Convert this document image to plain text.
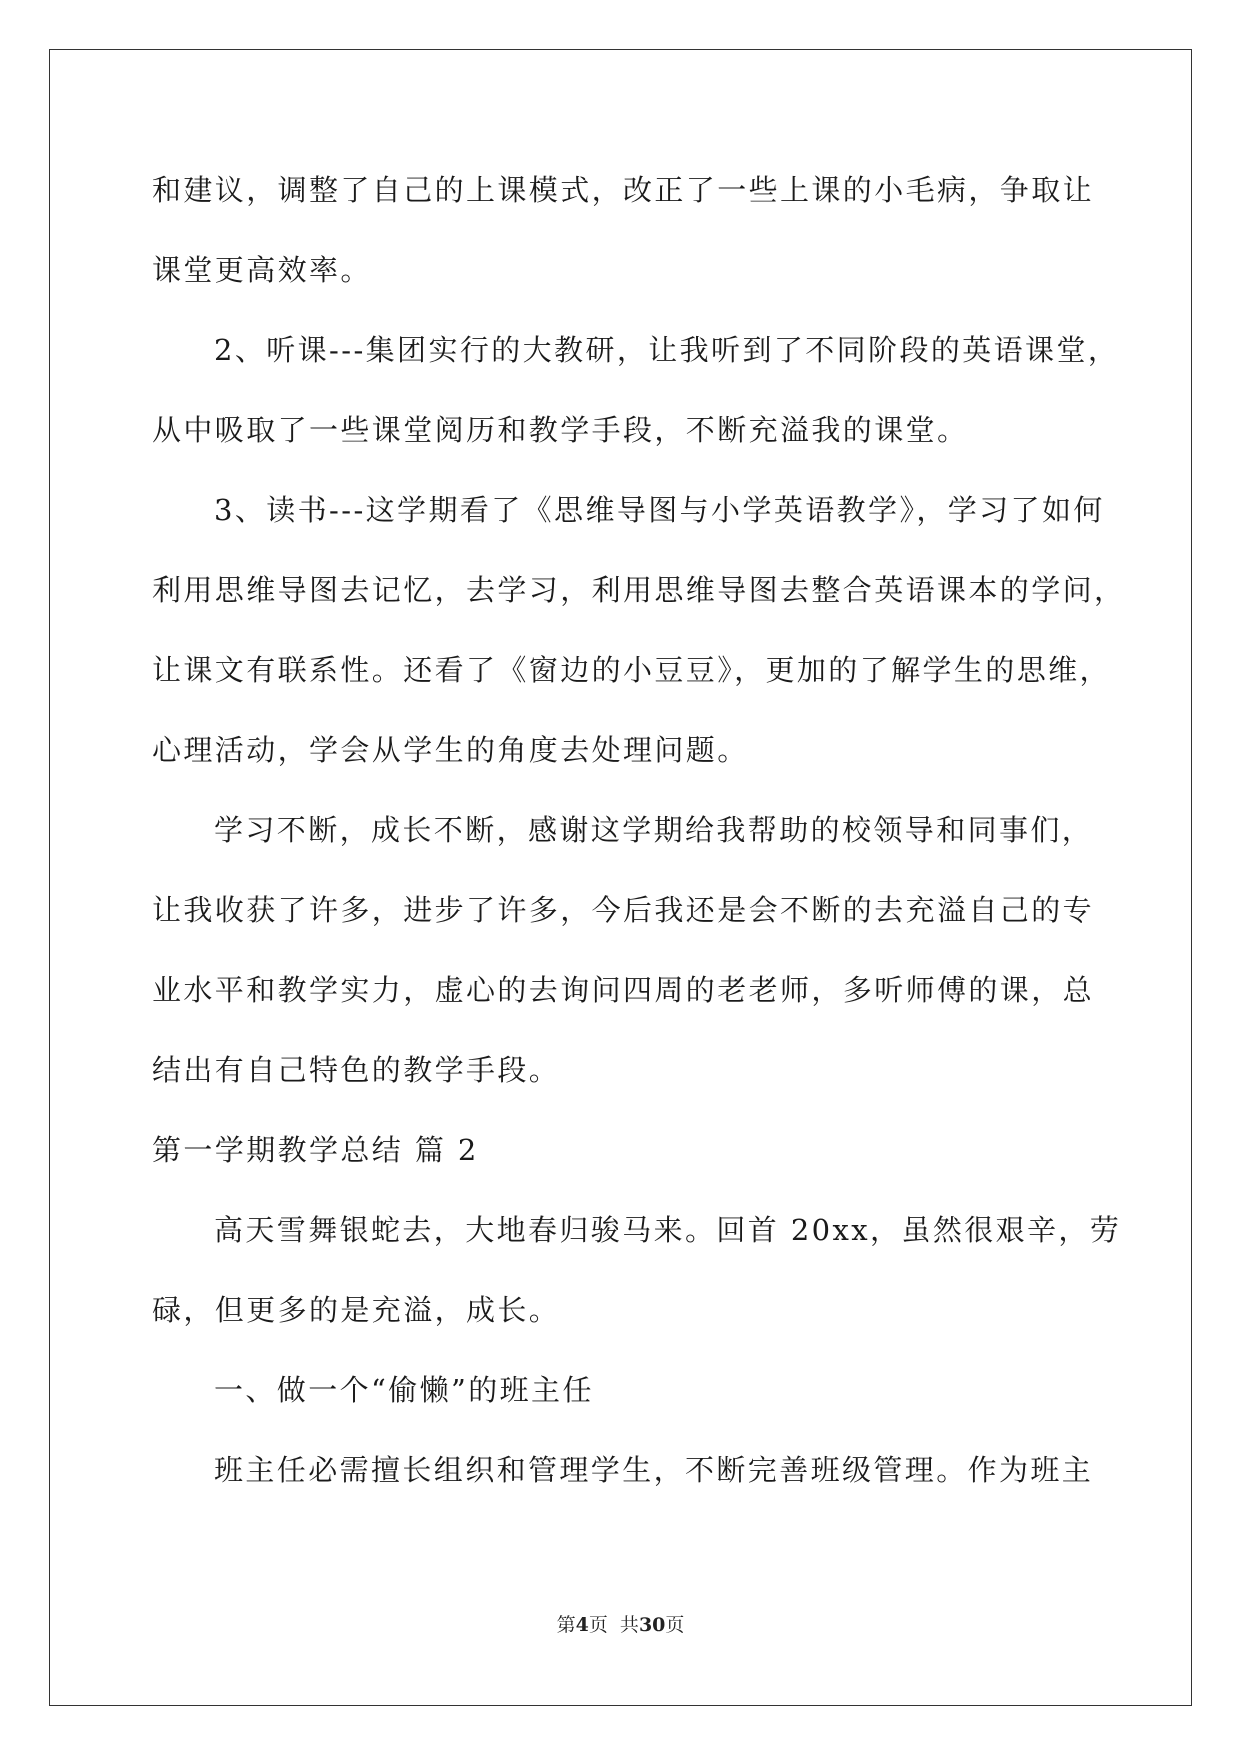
和建议，调整了自己的上课模式，改正了一些上课的小毛病，争取让
课堂更高效率。
2、听课---集团实行的大教研，让我听到了不同阶段的英语课堂，
从中吸取了一些课堂阅历和教学手段，不断充溢我的课堂。
3、读书---这学期看了《思维导图与小学英语教学》，学习了如何
利用思维导图去记忆，去学习，利用思维导图去整合英语课本的学问，
让课文有联系性。还看了《窗边的小豆豆》，更加的了解学生的思维，
心理活动，学会从学生的角度去处理问题。
学习不断，成长不断，感谢这学期给我帮助的校领导和同事们，
让我收获了许多，进步了许多，今后我还是会不断的去充溢自己的专
业水平和教学实力，虚心的去询问四周的老老师，多听师傅的课，总
结出有自己特色的教学手段。
第一学期教学总结 篇 2
高天雪舞银蛇去，大地春归骏马来。回首 20xx，虽然很艰辛，劳
碌，但更多的是充溢，成长。
一、做一个“偷懒”的班主任
班主任必需擅长组织和管理学生，不断完善班级管理。作为班主
第4页  共30页
